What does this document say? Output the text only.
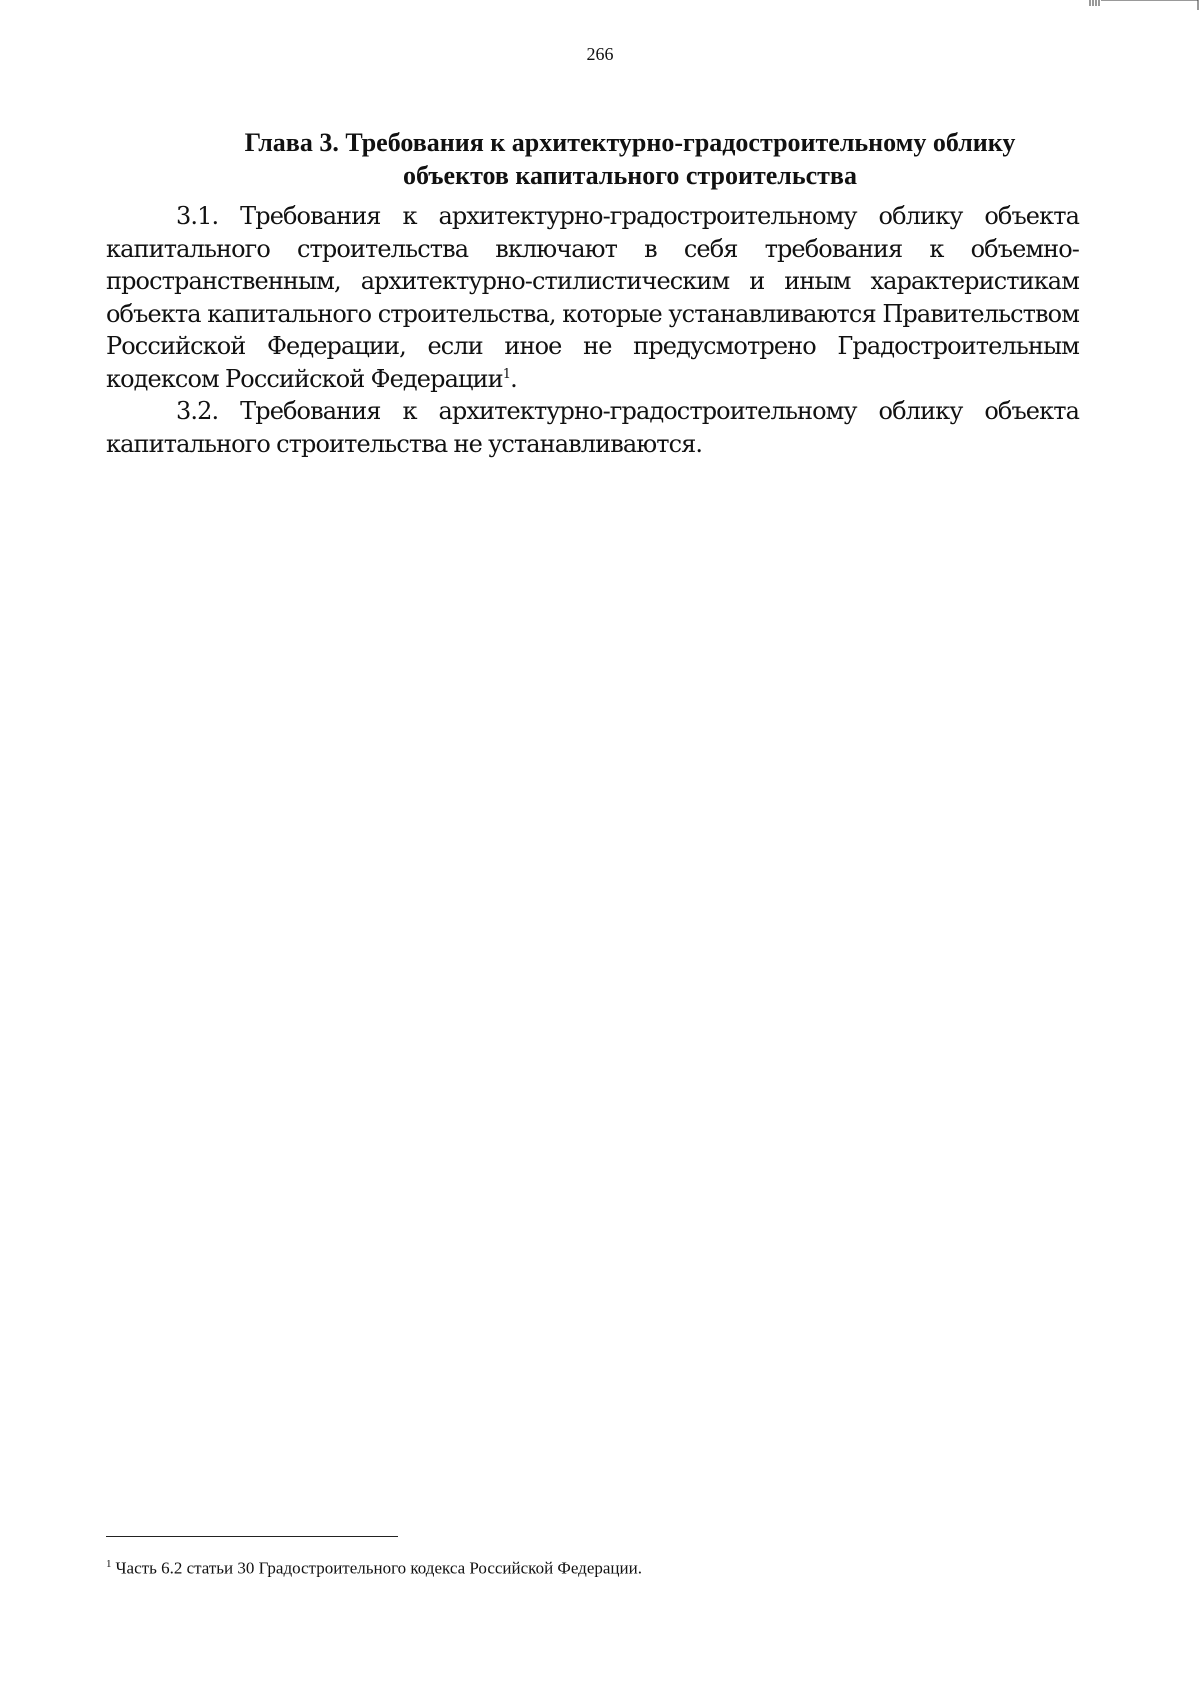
266
Глава 3. Требования к архитектурно-градостроительному облику объектов капитального строительства

3.1. Требования к архитектурно-градостроительному облику объекта капитального строительства включают в себя требования к объемно-пространственным, архитектурно-стилистическим и иным характеристикам объекта капитального строительства, которые устанавливаются Правительством Российской Федерации, если иное не предусмотрено Градостроительным кодексом Российской Федерации$^1$.

3.2. Требования к архитектурно-градостроительному облику объекта капитального строительства не устанавливаются.

$^1$ Часть 6.2 статьи 30 Градостроительного кодекса Российской Федерации.
